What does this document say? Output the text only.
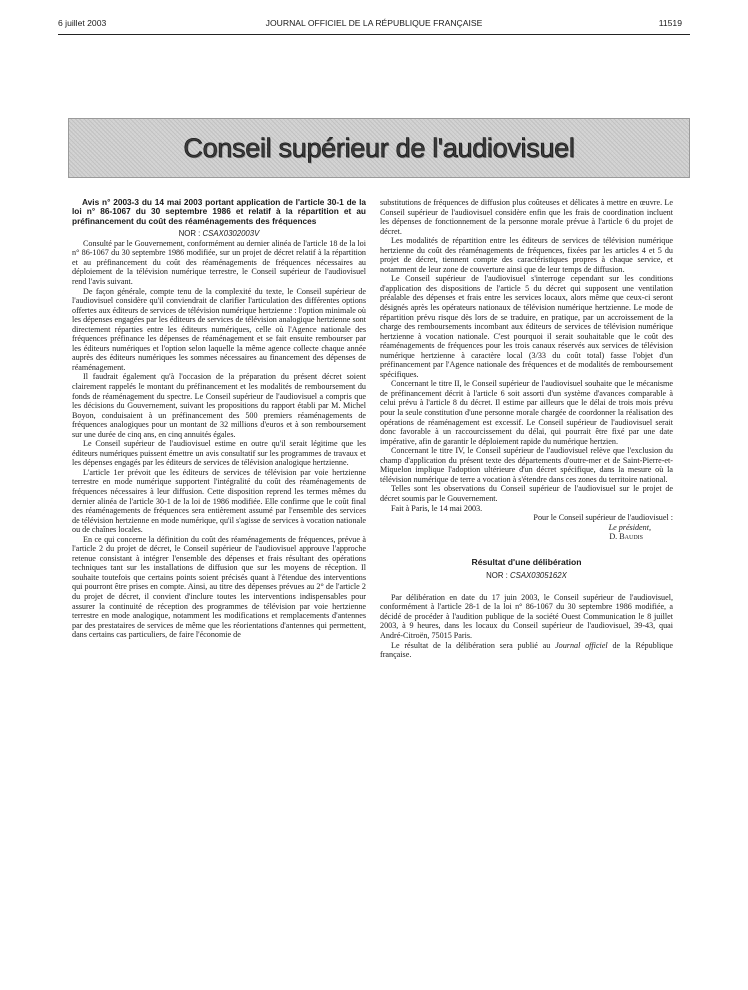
6 juillet 2003	JOURNAL OFFICIEL DE LA RÉPUBLIQUE FRANÇAISE	11519
Conseil supérieur de l'audiovisuel

Avis n° 2003-3 du 14 mai 2003 portant application de l'article 30-1 de la loi n° 86-1067 du 30 septembre 1986 et relatif à la répartition et au préfinancement du coût des réaménagements des fréquences

NOR : CSAX0302003V

Consulté par le Gouvernement, conformément au dernier alinéa de l'article 18 de la loi n° 86-1067 du 30 septembre 1986 modifiée, sur un projet de décret relatif à la répartition et au préfinancement du coût des réaménagements de fréquences nécessaires au déploiement de la télévision numérique terrestre, le Conseil supérieur de l'audiovisuel rend l'avis suivant.

De façon générale, compte tenu de la complexité du texte, le Conseil supérieur de l'audiovisuel considère qu'il conviendrait de clarifier l'articulation des différentes options offertes aux éditeurs de services de télévision numérique hertzienne : l'option minimale où les dépenses engagées par les éditeurs de services de télévision analogique hertzienne sont directement réparties entre les éditeurs numériques, celle où l'Agence nationale des fréquences préfinance les dépenses de réaménagement et se fait ensuite rembourser par les éditeurs numériques et l'option selon laquelle la même agence collecte chaque année auprès des éditeurs numériques les sommes nécessaires au financement des dépenses de réaménagement.

Il faudrait également qu'à l'occasion de la préparation du présent décret soient clairement rappelés le montant du préfinancement et les modalités de remboursement du fonds de réaménagement du spectre. Le Conseil supérieur de l'audiovisuel a compris que les décisions du Gouvernement, suivant les propositions du rapport établi par M. Michel Boyon, conduisaient à un préfinancement des 500 premiers réaménagements de fréquences analogiques pour un montant de 32 millions d'euros et à son remboursement sur une durée de cinq ans, en cinq annuités égales.

Le Conseil supérieur de l'audiovisuel estime en outre qu'il serait légitime que les éditeurs numériques puissent émettre un avis consultatif sur les programmes de travaux et les dépenses engagés par les éditeurs de services de télévision analogique hertzienne.

L'article 1er prévoit que les éditeurs de services de télévision par voie hertzienne terrestre en mode numérique supportent l'intégralité du coût des réaménagements de fréquences nécessaires à leur diffusion. Cette disposition reprend les termes mêmes du dernier alinéa de l'article 30-1 de la loi de 1986 modifiée. Elle confirme que le coût final des réaménagements de fréquences sera entièrement assumé par l'ensemble des services de télévision hertzienne en mode numérique, qu'il s'agisse de services à vocation nationale ou de chaînes locales.

En ce qui concerne la définition du coût des réaménagements de fréquences, prévue à l'article 2 du projet de décret, le Conseil supérieur de l'audiovisuel approuve l'approche retenue consistant à intégrer l'ensemble des dépenses et frais résultant des opérations techniques tant sur les installations de diffusion que sur les moyens de réception. Il souhaite toutefois que certains points soient précisés quant à l'étendue des interventions qui pourront être prises en compte. Ainsi, au titre des dépenses prévues au 2° de l'article 2 du projet de décret, il convient d'inclure toutes les interventions indispensables pour assurer la continuité de réception des programmes de télévision par voie hertzienne terrestre en mode analogique, notamment les modifications et remplacements d'antennes par des prestataires de services de même que les réorientations d'antennes qui permettent, dans certains cas particuliers, de faire l'économie de

substitutions de fréquences de diffusion plus coûteuses et délicates à mettre en œuvre. Le Conseil supérieur de l'audiovisuel considère enfin que les frais de coordination incluent les dépenses de fonctionnement de la personne morale prévue à l'article 6 du projet de décret.

Les modalités de répartition entre les éditeurs de services de télévision numérique hertzienne du coût des réaménagements de fréquences, fixées par les articles 4 et 5 du projet de décret, tiennent compte des caractéristiques propres à chaque service, et notamment de leur zone de couverture ainsi que de leur temps de diffusion.

Le Conseil supérieur de l'audiovisuel s'interroge cependant sur les conditions d'application des dispositions de l'article 5 du décret qui supposent une ventilation préalable des dépenses et frais entre les services locaux, alors même que ceux-ci seront désignés après les opérateurs nationaux de télévision numérique hertzienne. Le mode de répartition prévu risque dès lors de se traduire, en pratique, par un accroissement de la charge des remboursements incombant aux éditeurs de services de télévision numérique hertzienne à vocation nationale. C'est pourquoi il serait souhaitable que le coût des réaménagements de fréquences pour les trois canaux réservés aux services de télévision numérique hertzienne à caractère local (3/33 du coût total) fasse l'objet d'un préfinancement par l'Agence nationale des fréquences et de modalités de remboursement spécifiques.

Concernant le titre II, le Conseil supérieur de l'audiovisuel souhaite que le mécanisme de préfinancement décrit à l'article 6 soit assorti d'un système d'avances comparable à celui prévu à l'article 8 du décret. Il estime par ailleurs que le délai de trois mois prévu pour la seule constitution d'une personne morale chargée de coordonner la réalisation des opérations de réaménagement est excessif. Le Conseil supérieur de l'audiovisuel serait donc favorable à un raccourcissement du délai, qui pourrait être fixé par une date impérative, afin de garantir le déploiement rapide du numérique hertzien.

Concernant le titre IV, le Conseil supérieur de l'audiovisuel relève que l'exclusion du champ d'application du présent texte des départements d'outre-mer et de Saint-Pierre-et-Miquelon implique l'adoption ultérieure d'un décret spécifique, dans la mesure où la télévision numérique de terre a vocation à s'étendre dans ces zones du territoire national.

Telles sont les observations du Conseil supérieur de l'audiovisuel sur le projet de décret soumis par le Gouvernement.

Fait à Paris, le 14 mai 2003.

Pour le Conseil supérieur de l'audiovisuel :

Le président,

D. Baudis

Résultat d'une délibération

NOR : CSAX0305162X

Par délibération en date du 17 juin 2003, le Conseil supérieur de l'audiovisuel, conformément à l'article 28-1 de la loi n° 86-1067 du 30 septembre 1986 modifiée, a décidé de procéder à l'audition publique de la société Ouest Communication le 8 juillet 2003, à 9 heures, dans les locaux du Conseil supérieur de l'audiovisuel, 39-43, quai André-Citroën, 75015 Paris.

Le résultat de la délibération sera publié au Journal officiel de la République française.
